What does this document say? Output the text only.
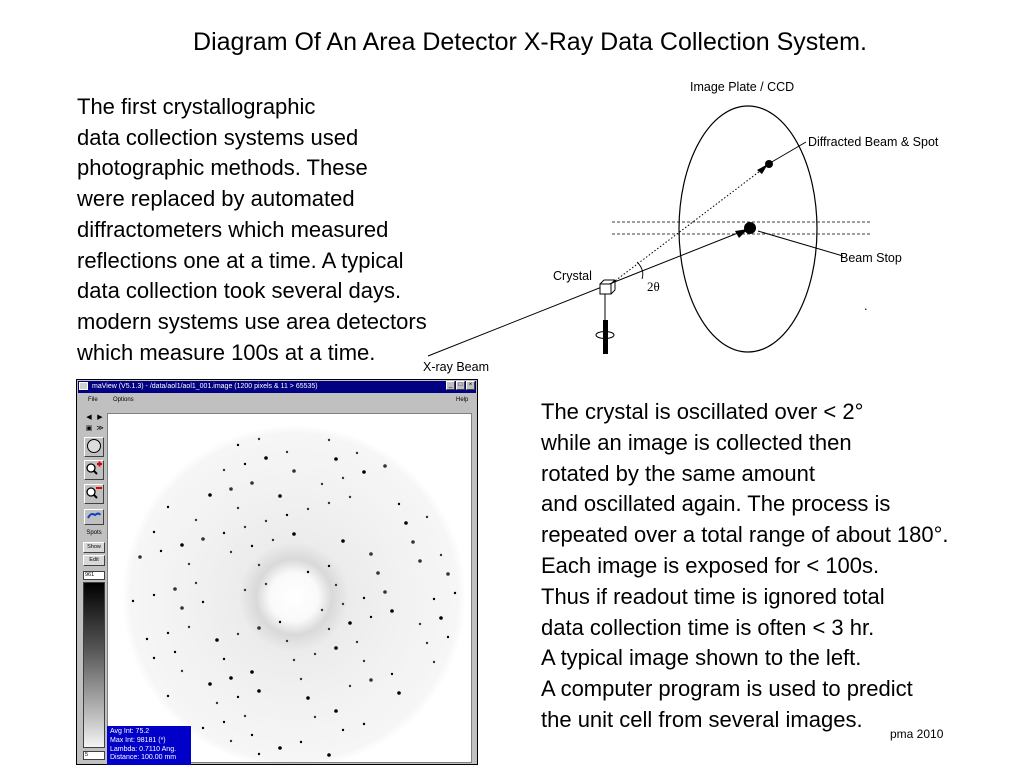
Diagram Of An Area Detector X-Ray Data Collection System.
The first crystallographic
data collection systems used
photographic methods. These
were replaced by automated
diffractometers which measured
reflections one at a time. A typical
data collection took several days.
modern systems use area detectors
which measure 100s at a time.
Image Plate / CCD
Diffracted Beam & Spot
Beam Stop
Crystal
X-ray Beam
2θ
.
maView (V5.1.3) - /data/aol1/aol1_001.image (1200 pixels & 11 > 65535)	_	□	×
File	Options	Help
◀ ▶
▣ ≫
Spots
Show
Edit
961
5
Avg Int: 75.2
Max Int: 98181 (*)
Lambda: 0.7110 Ang.
Distance: 100.00 mm
The crystal is oscillated over < 2°
while an image is collected then
rotated by the same amount
and oscillated again. The process is
repeated over a total range of about 180°.
Each image is exposed for < 100s.
Thus if readout time is ignored total
data collection time is often < 3 hr.
A typical image shown to the left.
A computer program is used to predict
the unit cell from several images.
pma 2010
